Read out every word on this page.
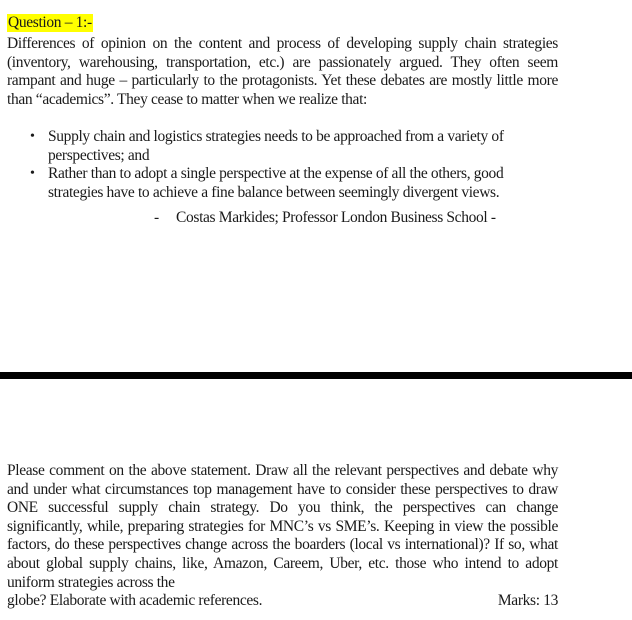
Question – 1:-
Differences of opinion on the content and process of developing supply chain strategies (inventory, warehousing, transportation, etc.) are passionately argued. They often seem rampant and huge – particularly to the protagonists. Yet these debates are mostly little more than “academics”. They cease to matter when we realize that:
• Supply chain and logistics strategies needs to be approached from a variety of perspectives; and
• Rather than to adopt a single perspective at the expense of all the others, good strategies have to achieve a fine balance between seemingly divergent views.
- Costas Markides; Professor London Business School -
Please comment on the above statement. Draw all the relevant perspectives and debate why and under what circumstances top management have to consider these perspectives to draw ONE successful supply chain strategy. Do you think, the perspectives can change significantly, while, preparing strategies for MNC’s vs SME’s. Keeping in view the possible factors, do these perspectives change across the boarders (local vs international)? If so, what about global supply chains, like, Amazon, Careem, Uber, etc. those who intend to adopt uniform strategies across the
globe? Elaborate with academic references.	Marks: 13
